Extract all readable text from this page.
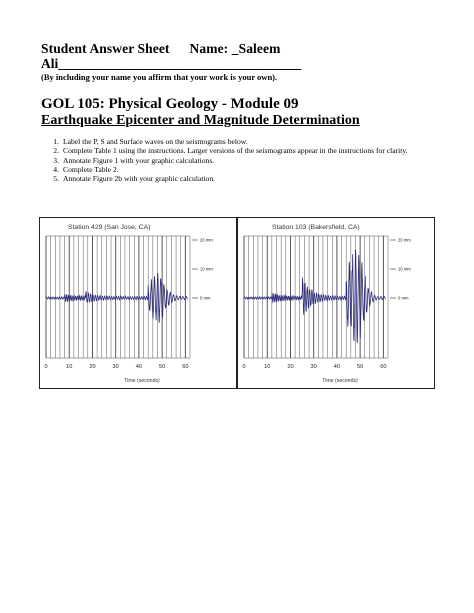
Student Answer Sheet Name: _Saleem
Ali____________________________________
(By including your name you affirm that your work is your own).
GOL 105: Physical Geology - Module 09
Earthquake Epicenter and Magnitude Determination
1. Label the P, S and Surface waves on the seismograms below.
2. Complete Table 1 using the instructions. Larger versions of the seismograms appear in the instructions for clarity.
3. Annotate Figure 1 with your graphic calculations.
4. Complete Table 2.
5. Annotate Figure 2b with your graphic calculation.
Station 429 (San Jose, CA)
20 mm
10 mm
0 mm
0	10	20	30	40	50	60
Time (seconds)
Station 103 (Bakersfield, CA)
20 mm
10 mm
0 mm
0	10	20	30	40	50	60
Time (seconds)
